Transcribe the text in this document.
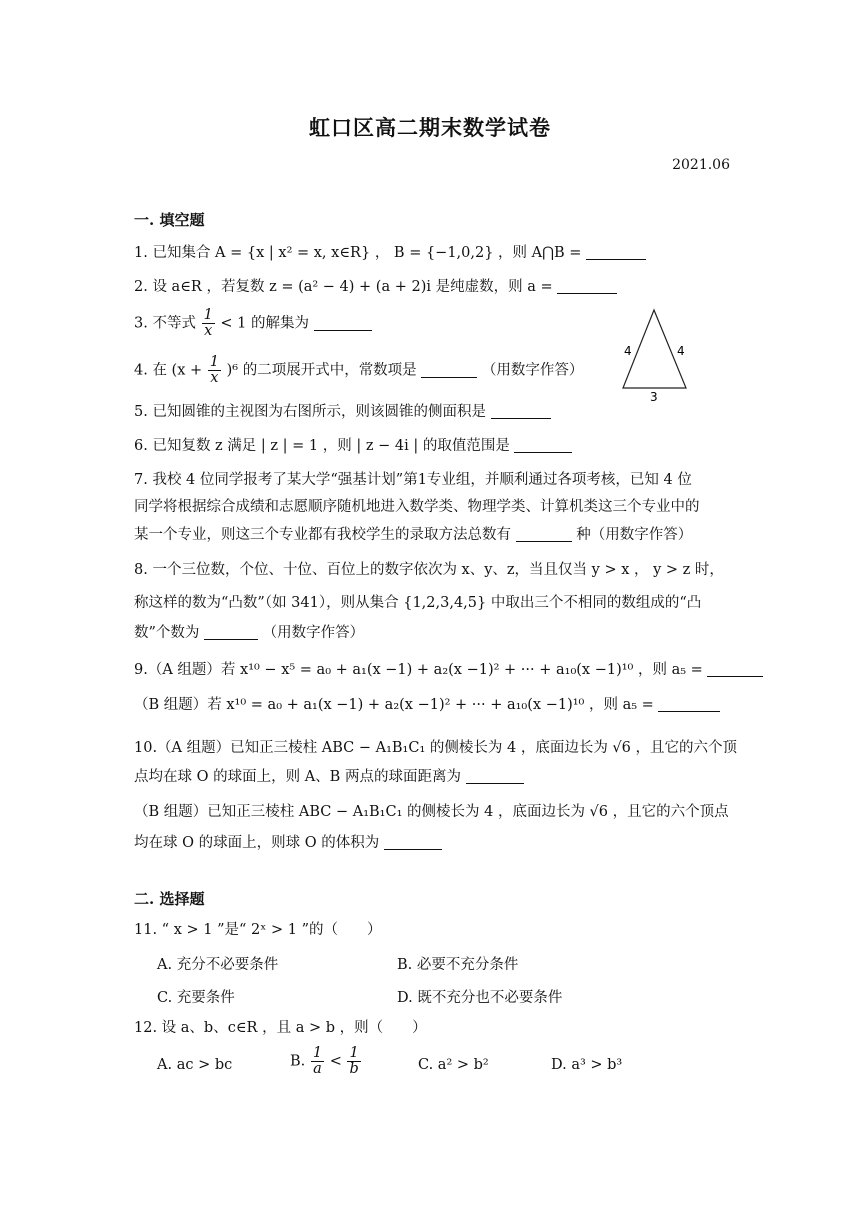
虹口区高二期末数学试卷
2021.06
一. 填空题
1. 已知集合 A = {x | x² = x, x∈R} ， B = {−1,0,2} ，则 A⋂B =
2. 设 a∈R ，若复数 z = (a² − 4) + (a + 2)i 是纯虚数，则 a =
3. 不等式 $\frac{1}{x} < 1$ 的解集为
4. 在 $(x + \frac{1}{x} )^6$ 的二项展开式中，常数项是	（用数字作答）
4	4
3
5. 已知圆锥的主视图为右图所示，则该圆锥的侧面积是
6. 已知复数 z 满足 | z | = 1 ，则 | z − 4i | 的取值范围是
7. 我校 4 位同学报考了某大学“强基计划”第1专业组，并顺利通过各项考核，已知 4 位
同学将根据综合成绩和志愿顺序随机地进入数学类、物理学类、计算机类这三个专业中的
某一个专业，则这三个专业都有我校学生的录取方法总数有	种（用数字作答）
8. 一个三位数，个位、十位、百位上的数字依次为 x、y、z，当且仅当 y > x ， y > z 时，
称这样的数为“凸数”（如 341），则从集合 {1,2,3,4,5} 中取出三个不相同的数组成的“凸
数”个数为	（用数字作答）
9.（A 组题）若 x¹⁰ − x⁵ = a₀ + a₁(x −1) + a₂(x −1)² + ··· + a₁₀(x −1)¹⁰ ，则 a₅ =
（B 组题）若 x¹⁰ = a₀ + a₁(x −1) + a₂(x −1)² + ··· + a₁₀(x −1)¹⁰ ，则 a₅ =
10.（A 组题）已知正三棱柱 ABC − A₁B₁C₁ 的侧棱长为 4 ，底面边长为 √6 ，且它的六个顶
点均在球 O 的球面上，则 A、B 两点的球面距离为
（B 组题）已知正三棱柱 ABC − A₁B₁C₁ 的侧棱长为 4 ，底面边长为 √6 ，且它的六个顶点
均在球 O 的球面上，则球 O 的体积为
二. 选择题
11. “ x > 1 ”是“ 2ˣ > 1 ”的（　　）
A. 充分不必要条件	B. 必要不充分条件
C. 充要条件	D. 既不充分也不必要条件
12. 设 a、b、c∈R ，且 a > b ，则（　　）
A. ac > bc	B. $\frac{1}{a} < \frac{1}{b}$	C. a² > b²	D. a³ > b³
